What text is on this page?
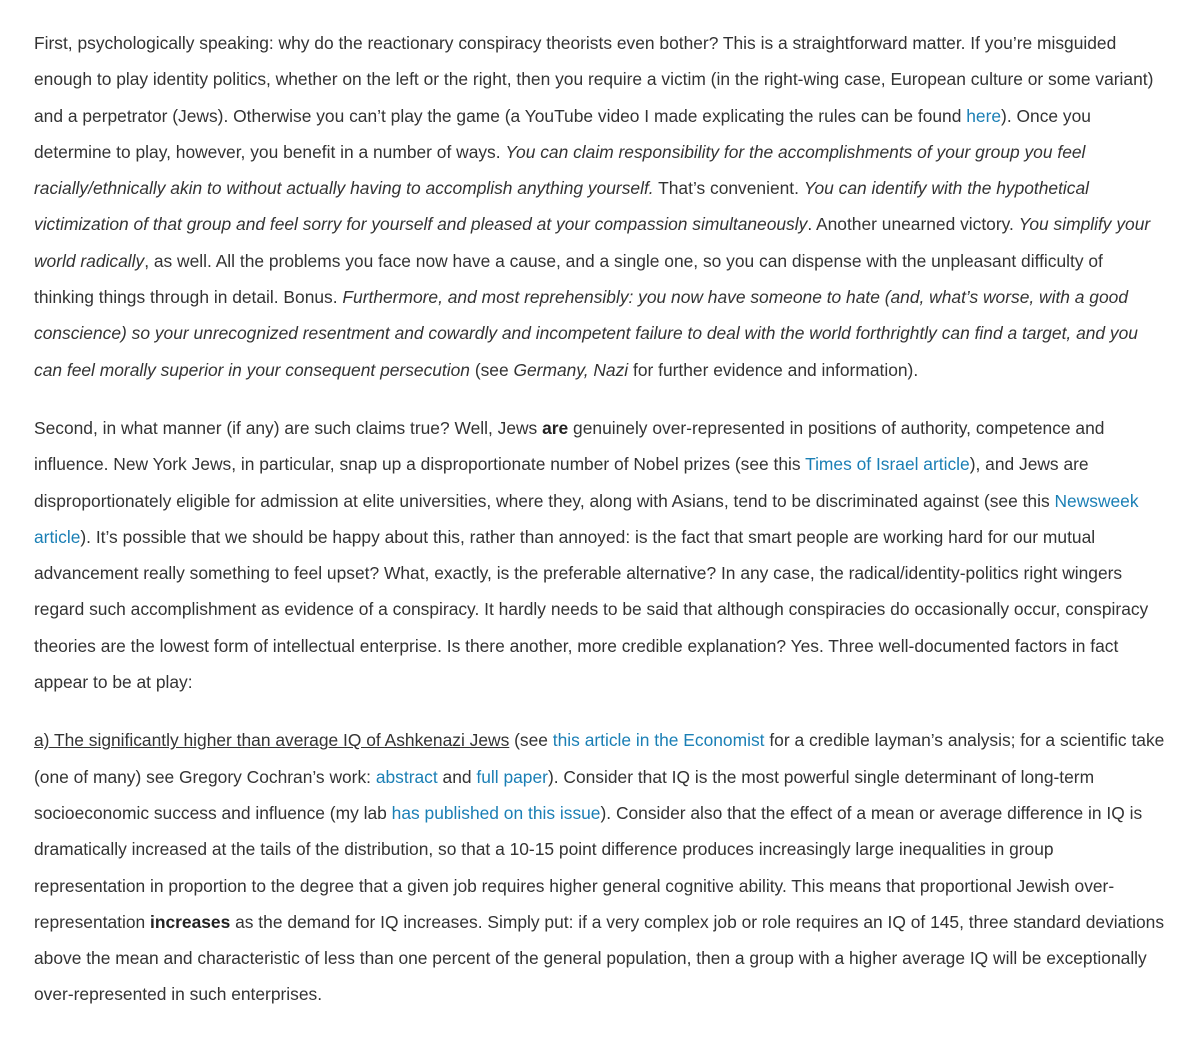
First, psychologically speaking: why do the reactionary conspiracy theorists even bother? This is a straightforward matter. If you’re misguided enough to play identity politics, whether on the left or the right, then you require a victim (in the right-wing case, European culture or some variant) and a perpetrator (Jews). Otherwise you can’t play the game (a YouTube video I made explicating the rules can be found here). Once you determine to play, however, you benefit in a number of ways. You can claim responsibility for the accomplishments of your group you feel racially/ethnically akin to without actually having to accomplish anything yourself. That’s convenient. You can identify with the hypothetical victimization of that group and feel sorry for yourself and pleased at your compassion simultaneously. Another unearned victory. You simplify your world radically, as well. All the problems you face now have a cause, and a single one, so you can dispense with the unpleasant difficulty of thinking things through in detail. Bonus. Furthermore, and most reprehensibly: you now have someone to hate (and, what’s worse, with a good conscience) so your unrecognized resentment and cowardly and incompetent failure to deal with the world forthrightly can find a target, and you can feel morally superior in your consequent persecution (see Germany, Nazi for further evidence and information).

Second, in what manner (if any) are such claims true? Well, Jews are genuinely over-represented in positions of authority, competence and influence. New York Jews, in particular, snap up a disproportionate number of Nobel prizes (see this Times of Israel article), and Jews are disproportionately eligible for admission at elite universities, where they, along with Asians, tend to be discriminated against (see this Newsweek article). It’s possible that we should be happy about this, rather than annoyed: is the fact that smart people are working hard for our mutual advancement really something to feel upset? What, exactly, is the preferable alternative? In any case, the radical/identity-politics right wingers regard such accomplishment as evidence of a conspiracy. It hardly needs to be said that although conspiracies do occasionally occur, conspiracy theories are the lowest form of intellectual enterprise. Is there another, more credible explanation? Yes. Three well-documented factors in fact appear to be at play:

a) The significantly higher than average IQ of Ashkenazi Jews (see this article in the Economist for a credible layman’s analysis; for a scientific take (one of many) see Gregory Cochran’s work: abstract and full paper). Consider that IQ is the most powerful single determinant of long-term socioeconomic success and influence (my lab has published on this issue). Consider also that the effect of a mean or average difference in IQ is dramatically increased at the tails of the distribution, so that a 10-15 point difference produces increasingly large inequalities in group representation in proportion to the degree that a given job requires higher general cognitive ability. This means that proportional Jewish over-representation increases as the demand for IQ increases. Simply put: if a very complex job or role requires an IQ of 145, three standard deviations above the mean and characteristic of less than one percent of the general population, then a group with a higher average IQ will be exceptionally over-represented in such enterprises.
